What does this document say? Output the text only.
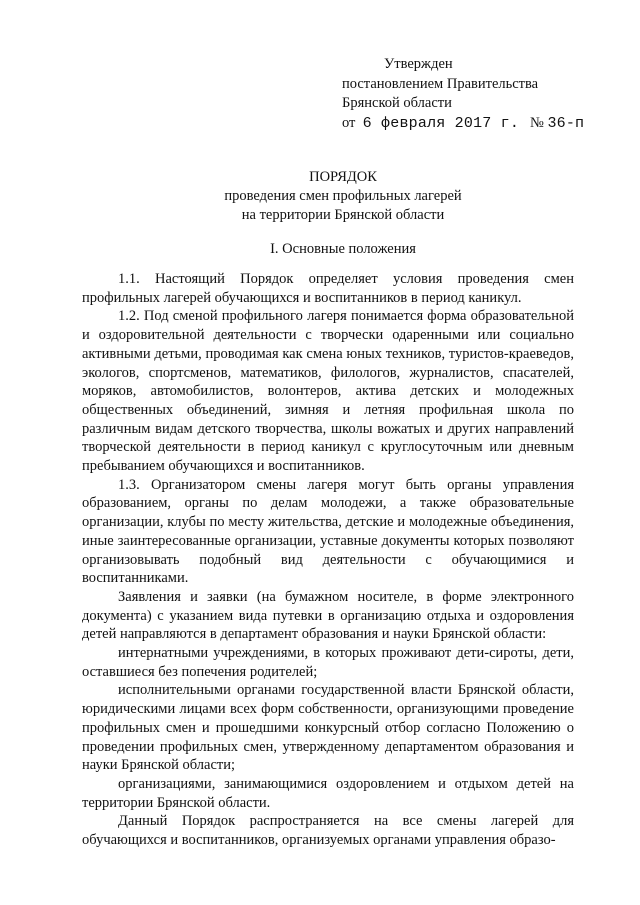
Утвержден
постановлением Правительства
Брянской области
от 6 февраля 2017 г. № 36-п
ПОРЯДОК
проведения смен профильных лагерей
на территории Брянской области
I. Основные положения

1.1. Настоящий Порядок определяет условия проведения смен профильных лагерей обучающихся и воспитанников в период каникул.

1.2. Под сменой профильного лагеря понимается форма образовательной и оздоровительной деятельности с творчески одаренными или социально активными детьми, проводимая как смена юных техников, туристов-краеведов, экологов, спортсменов, математиков, филологов, журналистов, спасателей, моряков, автомобилистов, волонтеров, актива детских и молодежных общественных объединений, зимняя и летняя профильная школа по различным видам детского творчества, школы вожатых и других направлений творческой деятельности в период каникул с круглосуточным или дневным пребыванием обучающихся и воспитанников.

1.3. Организатором смены лагеря могут быть органы управления образованием, органы по делам молодежи, а также образовательные организации, клубы по месту жительства, детские и молодежные объединения, иные заинтересованные организации, уставные документы которых позволяют организовывать подобный вид деятельности с обучающимися и воспитанниками.

Заявления и заявки (на бумажном носителе, в форме электронного документа) с указанием вида путевки в организацию отдыха и оздоровления детей направляются в департамент образования и науки Брянской области:

интернатными учреждениями, в которых проживают дети-сироты, дети, оставшиеся без попечения родителей;

исполнительными органами государственной власти Брянской области, юридическими лицами всех форм собственности, организующими проведение профильных смен и прошедшими конкурсный отбор согласно Положению о проведении профильных смен, утвержденному департаментом образования и науки Брянской области;

организациями, занимающимися оздоровлением и отдыхом детей на территории Брянской области.

Данный Порядок распространяется на все смены лагерей для обучающихся и воспитанников, организуемых органами управления образо-
